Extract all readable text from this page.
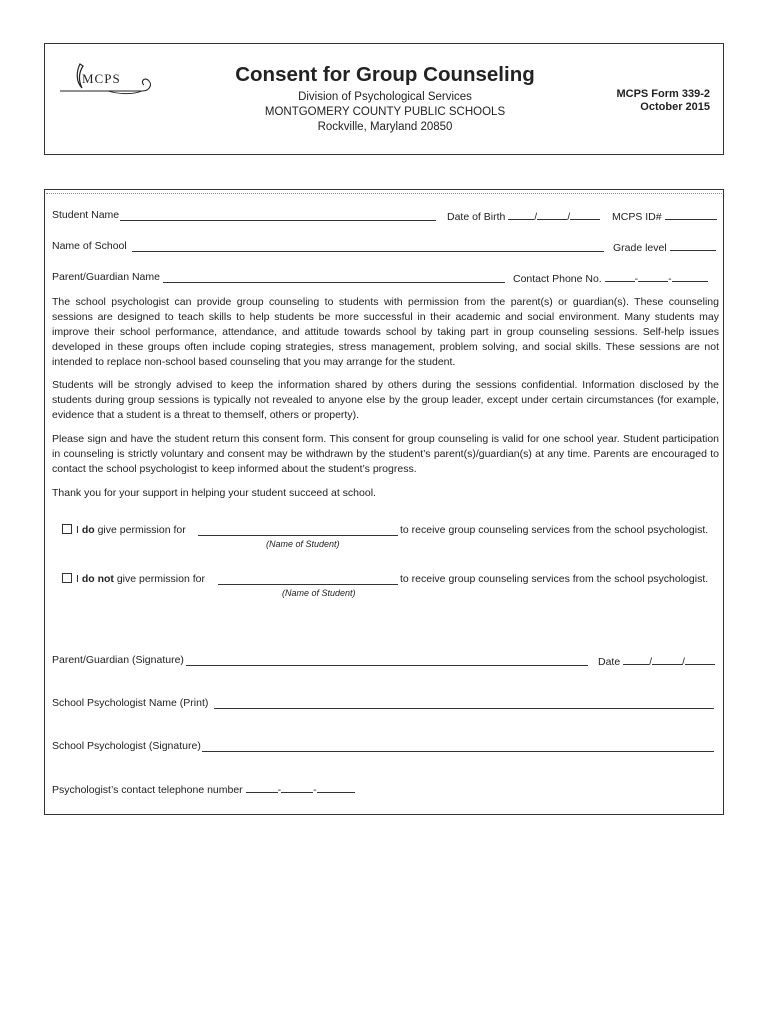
MCPS	Consent for Group Counseling
Division of Psychological Services
MONTGOMERY COUNTY PUBLIC SCHOOLS
Rockville, Maryland 20850
MCPS Form 339-2
October 2015
Student Name	Date of Birth	/	/	MCPS ID#
Name of School	Grade level
Parent/Guardian Name	Contact Phone No.	-	-
The school psychologist can provide group counseling to students with permission from the parent(s) or guardian(s). These counseling sessions are designed to teach skills to help students be more successful in their academic and social environment. Many students may improve their school performance, attendance, and attitude towards school by taking part in group counseling sessions. Self-help issues developed in these groups often include coping strategies, stress management, problem solving, and social skills. These sessions are not intended to replace non-school based counseling that you may arrange for the student.
Students will be strongly advised to keep the information shared by others during the sessions confidential. Information disclosed by the students during group sessions is typically not revealed to anyone else by the group leader, except under certain circumstances (for example, evidence that a student is a threat to themself, others or property).
Please sign and have the student return this consent form. This consent for group counseling is valid for one school year. Student participation in counseling is strictly voluntary and consent may be withdrawn by the student’s parent(s)/guardian(s) at any time. Parents are encouraged to contact the school psychologist to keep informed about the student’s progress.
Thank you for your support in helping your student succeed at school.
I do give permission for	to receive group counseling services from the school psychologist.
(Name of Student)
I do not give permission for	to receive group counseling services from the school psychologist.
(Name of Student)
Parent/Guardian (Signature)	Date	/	/
School Psychologist Name (Print)
School Psychologist (Signature)
Psychologist’s contact telephone number	-	-
